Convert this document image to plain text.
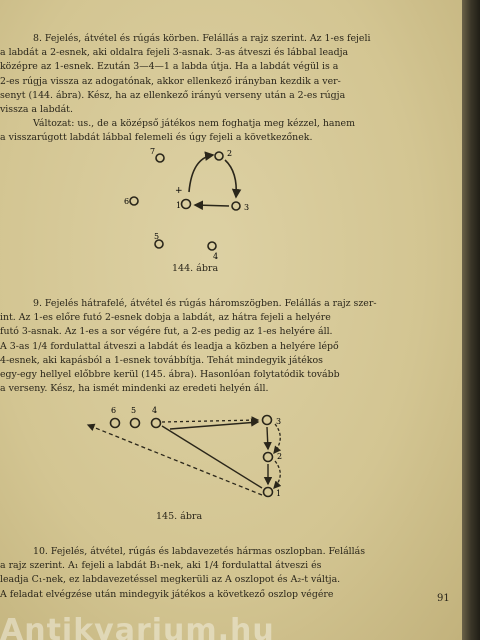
8. Fejelés, átvétel és rúgás körben. Felállás a rajz szerint. Az 1-es fejeli
a labdát a 2-esnek, aki oldalra fejeli 3-asnak. 3-as átveszi és lábbal leadja
középre az 1-esnek. Ezután 3—4—1 a labda útja. Ha a labdát végül is a
2-es rúgja vissza az adogatónak, akkor ellenkező irányban kezdik a ver-
senyt (144. ábra). Kész, ha az ellenkező irányú verseny után a 2-es rúgja
vissza a labdát.
Változat: us., de a középső játékos nem foghatja meg kézzel, hanem
a visszarúgott labdát lábbal felemeli és úgy fejeli a következőnek.
7	2
1	3
6
5
4
+
144. ábra
9. Fejelés hátrafelé, átvétel és rúgás háromszögben. Felállás a rajz szer-
int. Az 1-es előre futó 2-esnek dobja a labdát, az hátra fejeli a helyére
futó 3-asnak. Az 1-es a sor végére fut, a 2-es pedig az 1-es helyére áll.
A 3-as 1/4 fordulattal átveszi a labdát és leadja a közben a helyére lépő
4-esnek, aki kapásból a 1-esnek továbbítja. Tehát mindegyik játékos
egy-egy hellyel előbbre kerül (145. ábra). Hasonlóan folytatódik tovább
a verseny. Kész, ha ismét mindenki az eredeti helyén áll.
6 5 4
3
2
1
145. ábra
10. Fejelés, átvétel, rúgás és labdavezetés hármas oszlopban. Felállás
a rajz szerint. A₁ fejeli a labdát B₁-nek, aki 1/4 fordulattal átveszi és
leadja C₁-nek, ez labdavezetéssel megkerüli az A oszlopot és A₂-t váltja.
A feladat elvégzése után mindegyik játékos a következő oszlop végére	91
Antikvarium.hu
